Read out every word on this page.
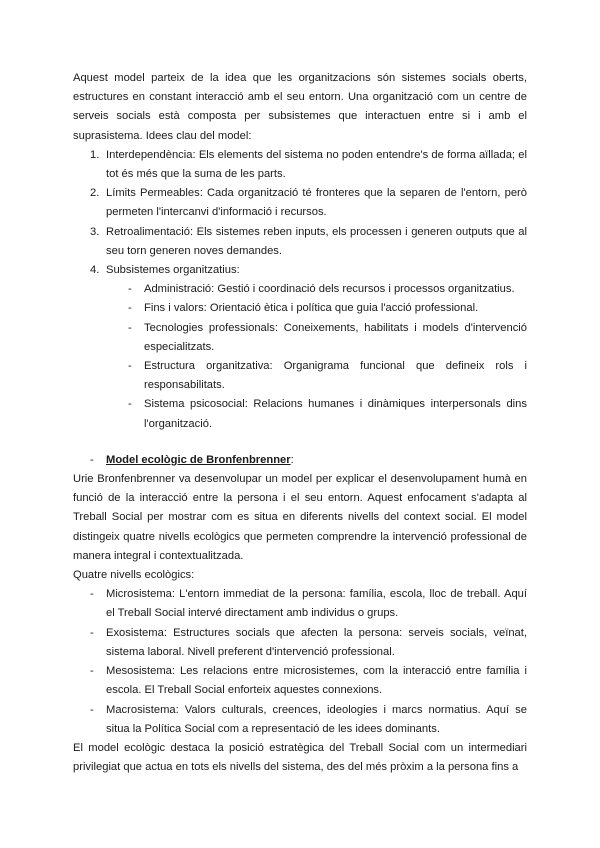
Aquest model parteix de la idea que les organitzacions són sistemes socials oberts, estructures en constant interacció amb el seu entorn. Una organització com un centre de serveis socials està composta per subsistemes que interactuen entre si i amb el suprasistema. Idees clau del model:

1. Interdependència: Els elements del sistema no poden entendre's de forma aïllada; el tot és més que la suma de les parts.
2. Límits Permeables: Cada organització té fronteres que la separen de l'entorn, però permeten l'intercanvi d'informació i recursos.
3. Retroalimentació: Els sistemes reben inputs, els processen i generen outputs que al seu torn generen noves demandes.
4. Subsistemes organitzatius:
- Administració: Gestió i coordinació dels recursos i processos organitzatius.
- Fins i valors: Orientació ètica i política que guia l'acció professional.
- Tecnologies professionals: Coneixements, habilitats i models d'intervenció especialitzats.
- Estructura organitzativa: Organigrama funcional que defineix rols i responsabilitats.
- Sistema psicosocial: Relacions humanes i dinàmiques interpersonals dins l'organització.
- Model ecològic de Bronfenbrenner:

Urie Bronfenbrenner va desenvolupar un model per explicar el desenvolupament humà en funció de la interacció entre la persona i el seu entorn. Aquest enfocament s'adapta al Treball Social per mostrar com es situa en diferents nivells del context social. El model distingeix quatre nivells ecològics que permeten comprendre la intervenció professional de manera integral i contextualitzada.

Quatre nivells ecològics:

- Microsistema: L'entorn immediat de la persona: família, escola, lloc de treball. Aquí el Treball Social intervé directament amb individus o grups.
- Exosistema: Estructures socials que afecten la persona: serveis socials, veïnat, sistema laboral. Nivell preferent d'intervenció professional.
- Mesosistema: Les relacions entre microsistemes, com la interacció entre família i escola. El Treball Social enforteix aquestes connexions.
- Macrosistema: Valors culturals, creences, ideologies i marcs normatius. Aquí se situa la Política Social com a representació de les idees dominants.

El model ecològic destaca la posició estratègica del Treball Social com un intermediari privilegiat que actua en tots els nivells del sistema, des del més pròxim a la persona fins a
